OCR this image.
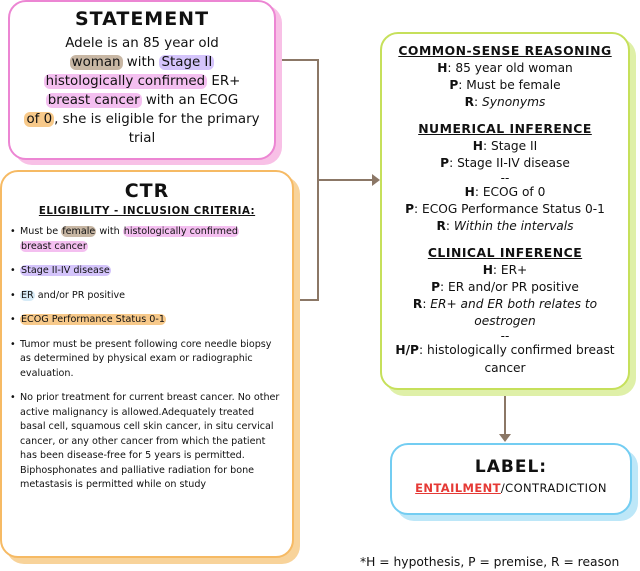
STATEMENT

Adele is an 85 year old
woman with Stage II
histologically confirmed ER+
breast cancer with an ECOG
of 0 , she is eligible for the primary trial

CTR
ELIGIBILITY - INCLUSION CRITERIA:
• Must be female with histologically confirmed
breast cancer
• Stage II-IV disease
• ER and/or PR positive
• ECOG Performance Status 0-1
• Tumor must be present following core needle biopsy as determined by physical exam or radiographic evaluation.
• No prior treatment for current breast cancer. No other active malignancy is allowed.Adequately treated basal cell, squamous cell skin cancer, in situ cervical cancer, or any other cancer from which the patient has been disease-free for 5 years is permitted. Biphosphonates and palliative radiation for bone metastasis is permitted while on study
COMMON-SENSE REASONING
H: 85 year old woman
P: Must be female
R: Synonyms
NUMERICAL INFERENCE
H: Stage II
P: Stage II-IV disease
--
H: ECOG of 0
P: ECOG Performance Status 0-1
R: Within the intervals
CLINICAL INFERENCE
H: ER+
P: ER and/or PR positive
R: ER+ and ER both relates to oestrogen
--
H/P: histologically confirmed breast cancer
LABEL:
ENTAILMENT/CONTRADICTION
*H = hypothesis, P = premise, R = reason
